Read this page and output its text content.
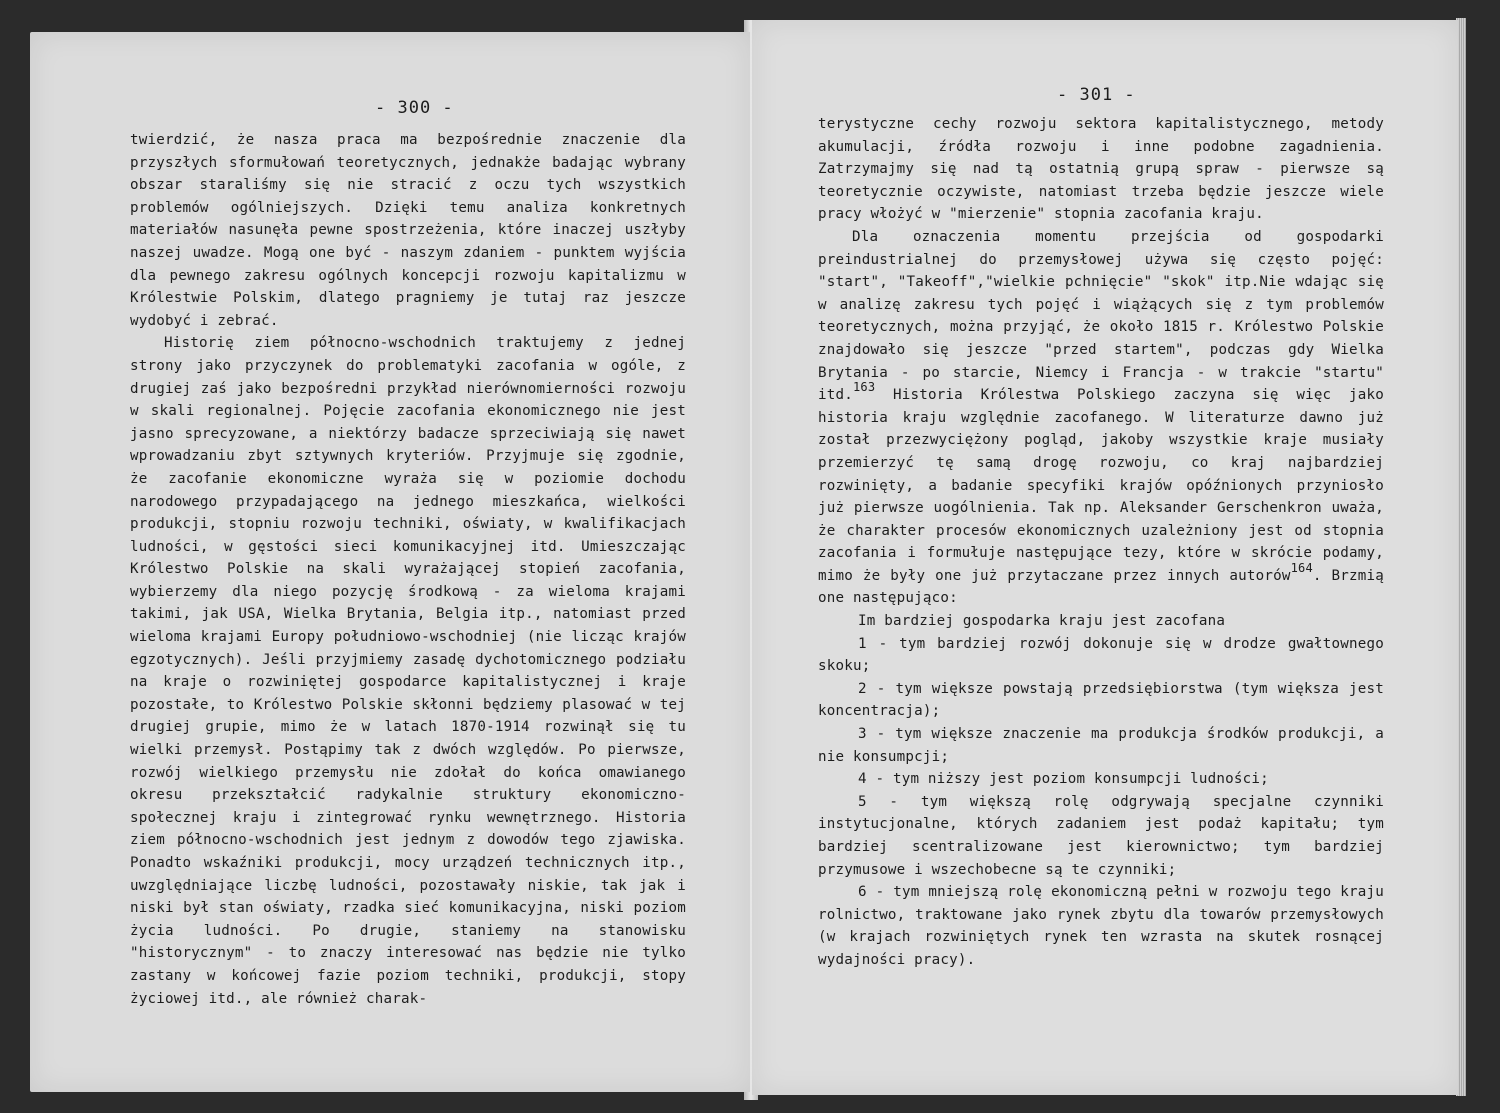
- 300 -

twierdzić, że nasza praca ma bezpośrednie znaczenie dla przyszłych sformułowań teoretycznych, jednakże badając wybrany obszar staraliśmy się nie stracić z oczu tych wszystkich problemów ogólniejszych. Dzięki temu analiza konkretnych materiałów nasunęła pewne spostrzeżenia, które inaczej uszłyby naszej uwadze. Mogą one być - naszym zdaniem - punktem wyjścia dla pewnego zakresu ogólnych koncepcji rozwoju kapitalizmu w Królestwie Polskim, dlatego pragniemy je tutaj raz jeszcze wydobyć i zebrać.

Historię ziem północno-wschodnich traktujemy z jednej strony jako przyczynek do problematyki zacofania w ogóle, z drugiej zaś jako bezpośredni przykład nierównomierności rozwoju w skali regionalnej. Pojęcie zacofania ekonomicznego nie jest jasno sprecyzowane, a niektórzy badacze sprzeciwiają się nawet wprowadzaniu zbyt sztywnych kryteriów. Przyjmuje się zgodnie, że zacofanie ekonomiczne wyraża się w poziomie dochodu narodowego przypadającego na jednego mieszkańca, wielkości produkcji, stopniu rozwoju techniki, oświaty, w kwalifikacjach ludności, w gęstości sieci komunikacyjnej itd. Umieszczając Królestwo Polskie na skali wyrażającej stopień zacofania, wybierzemy dla niego pozycję środkową - za wieloma krajami takimi, jak USA, Wielka Brytania, Belgia itp., natomiast przed wieloma krajami Europy południowo-wschodniej (nie licząc krajów egzotycznych). Jeśli przyjmiemy zasadę dychotomicznego podziału na kraje o rozwiniętej gospodarce kapitalistycznej i kraje pozostałe, to Królestwo Polskie skłonni będziemy plasować w tej drugiej grupie, mimo że w latach 1870-1914 rozwinął się tu wielki przemysł. Postąpimy tak z dwóch względów. Po pierwsze, rozwój wielkiego przemysłu nie zdołał do końca omawianego okresu przekształcić radykalnie struktury ekonomiczno-społecznej kraju i zintegrować rynku wewnętrznego. Historia ziem północno-wschodnich jest jednym z dowodów tego zjawiska. Ponadto wskaźniki produkcji, mocy urządzeń technicznych itp., uwzględniające liczbę ludności, pozostawały niskie, tak jak i niski był stan oświaty, rzadka sieć komunikacyjna, niski poziom życia ludności. Po drugie, staniemy na stanowisku "historycznym" - to znaczy interesować nas będzie nie tylko zastany w końcowej fazie poziom techniki, produkcji, stopy życiowej itd., ale również charak-

- 301 -

terystyczne cechy rozwoju sektora kapitalistycznego, metody akumulacji, źródła rozwoju i inne podobne zagadnienia. Zatrzymajmy się nad tą ostatnią grupą spraw - pierwsze są teoretycznie oczywiste, natomiast trzeba będzie jeszcze wiele pracy włożyć w "mierzenie" stopnia zacofania kraju.

Dla oznaczenia momentu przejścia od gospodarki preindustrialnej do przemysłowej używa się często pojęć: "start", "Takeoff","wielkie pchnięcie" "skok" itp.Nie wdając się w analizę zakresu tych pojęć i wiążących się z tym problemów teoretycznych, można przyjąć, że około 1815 r. Królestwo Polskie znajdowało się jeszcze "przed startem", podczas gdy Wielka Brytania - po starcie, Niemcy i Francja - w trakcie "startu" itd.$^{163}$ Historia Królestwa Polskiego zaczyna się więc jako historia kraju względnie zacofanego. W literaturze dawno już został przezwyciężony pogląd, jakoby wszystkie kraje musiały przemierzyć tę samą drogę rozwoju, co kraj najbardziej rozwinięty, a badanie specyfiki krajów opóźnionych przyniosło już pierwsze uogólnienia. Tak np. Aleksander Gerschenkron uważa, że charakter procesów ekonomicznych uzależniony jest od stopnia zacofania i formułuje następujące tezy, które w skrócie podamy, mimo że były one już przytaczane przez innych autorów$^{164}$. Brzmią one następująco:

Im bardziej gospodarka kraju jest zacofana

1 - tym bardziej rozwój dokonuje się w drodze gwałtownego skoku;

2 - tym większe powstają przedsiębiorstwa (tym większa jest koncentracja);

3 - tym większe znaczenie ma produkcja środków produkcji, a nie konsumpcji;

4 - tym niższy jest poziom konsumpcji ludności;

5 - tym większą rolę odgrywają specjalne czynniki instytucjonalne, których zadaniem jest podaż kapitału; tym bardziej scentralizowane jest kierownictwo; tym bardziej przymusowe i wszechobecne są te czynniki;

6 - tym mniejszą rolę ekonomiczną pełni w rozwoju tego kraju rolnictwo, traktowane jako rynek zbytu dla towarów przemysłowych (w krajach rozwiniętych rynek ten wzrasta na skutek rosnącej wydajności pracy).
